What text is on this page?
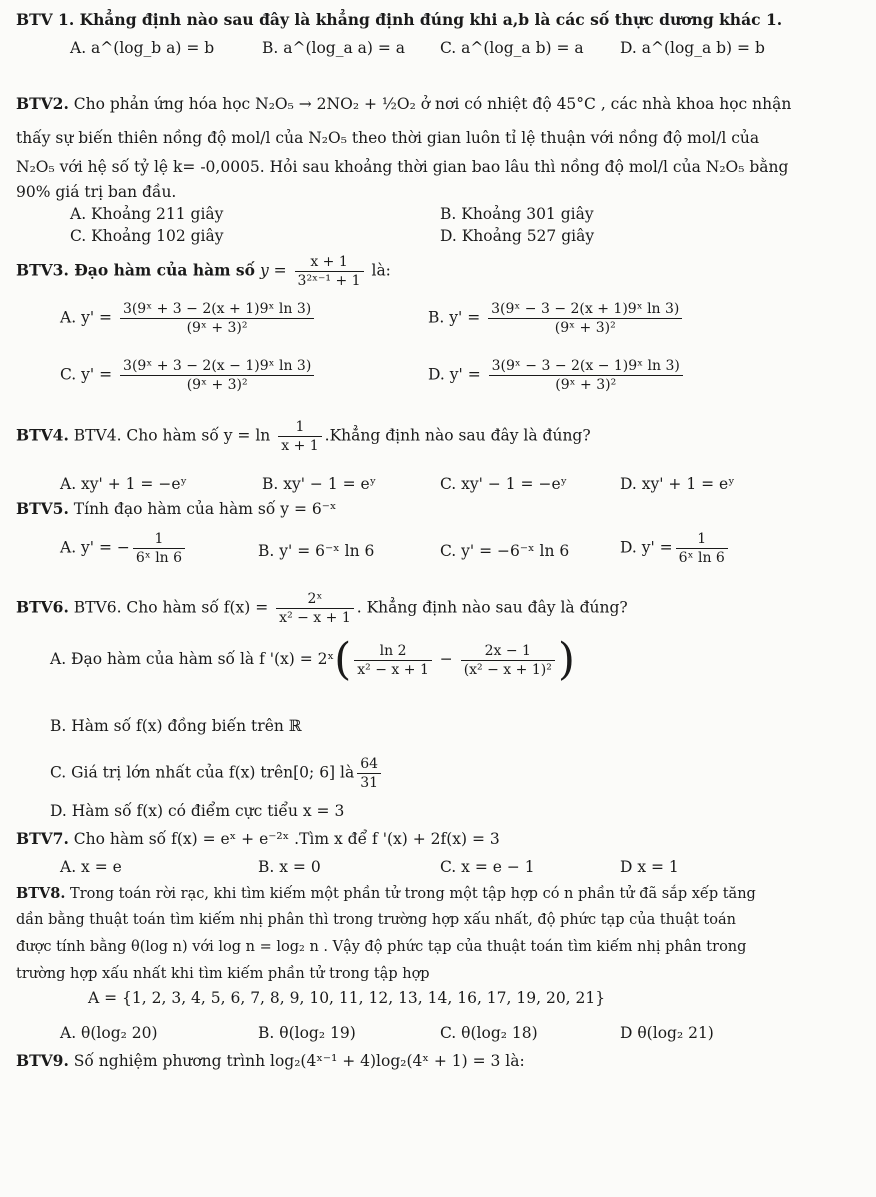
BTV 1. Khẳng định nào sau đây là khẳng định đúng khi a,b là các số thực dương khác 1.
A. a^(log_b a) = b	B. a^(log_a a) = a C. a^(log_a b) = a D. a^(log_a b) = b
BTV2. Cho phản ứng hóa học N₂O₅ → 2NO₂ + ½O₂ ở nơi có nhiệt độ 45°C , các nhà khoa học nhận
thấy sự biến thiên nồng độ mol/l của N₂O₅ theo thời gian luôn tỉ lệ thuận với nồng độ mol/l của
N₂O₅ với hệ số tỷ lệ k= -0,0005. Hỏi sau khoảng thời gian bao lâu thì nồng độ mol/l của N₂O₅ bằng
90% giá trị ban đầu.
A. Khoảng 211 giây	B. Khoảng 301 giây
C. Khoảng 102 giây	D. Khoảng 527 giây
BTV3. Đạo hàm của hàm số $y = \frac{x + 1}{\text{3²ˣ⁻¹ + 1}}$ là:
A. $y' = \frac{\text{3(9ˣ + 3 − 2(x + 1)9ˣ ln 3)}}{\text{(9ˣ + 3)²}}$	B. $y' = \frac{\text{3(9ˣ − 3 − 2(x + 1)9ˣ ln 3)}}{\text{(9ˣ + 3)²}}$
C. $y' = \frac{\text{3(9ˣ + 3 − 2(x − 1)9ˣ ln 3)}}{\text{(9ˣ + 3)²}}$	D. $y' = \frac{\text{3(9ˣ − 3 − 2(x − 1)9ˣ ln 3)}}{\text{(9ˣ + 3)²}}$
BTV4. BTV4. Cho hàm số $y = \ln \frac{1}{x + 1}$ .Khẳng định nào sau đây là đúng?
A. xy' + 1 = −eʸ	B. xy' − 1 = eʸ	C. xy' − 1 = −eʸ	D. xy' + 1 = eʸ
BTV5. Tính đạo hàm của hàm số y = 6⁻ˣ
A. y' = − $\frac{1}{\text{6ˣ ln 6}}$	B. y' = 6⁻ˣ ln 6	C. y' = −6⁻ˣ ln 6	D. $y' = \frac{1}{\text{6ˣ ln 6}}$
BTV6. BTV6. Cho hàm số $f(x) = \frac{\text{2ˣ}}{\text{x² − x + 1}}$ . Khẳng định nào sau đây là đúng?
A. Đạo hàm của hàm số là f '(x) = 2ˣ( $\frac{\ln 2}{\text{x² − x + 1}} - \frac{2x - 1}{\text{(x² − x + 1)²}}$ )
B. Hàm số f(x) đồng biến trên ℝ
C. Giá trị lớn nhất của f(x) trên[0; 6] là $\frac{64}{31}$
D. Hàm số f(x) có điểm cực tiểu x = 3
BTV7. Cho hàm số f(x) = eˣ + e⁻²ˣ .Tìm x để f '(x) + 2f(x) = 3
A. x = e	B. x = 0	C. x = e − 1	D x = 1
BTV8. Trong toán rời rạc, khi tìm kiếm một phần tử trong một tập hợp có n phần tử đã sắp xếp tăng
dần bằng thuật toán tìm kiếm nhị phân thì trong trường hợp xấu nhất, độ phức tạp của thuật toán
được tính bằng θ(log n) với log n = log₂ n . Vậy độ phức tạp của thuật toán tìm kiếm nhị phân trong
trường hợp xấu nhất khi tìm kiếm phần tử trong tập hợp
A = {1, 2, 3, 4, 5, 6, 7, 8, 9, 10, 11, 12, 13, 14, 16, 17, 19, 20, 21}
A. θ(log₂ 20)	B. θ(log₂ 19)	C. θ(log₂ 18)	D θ(log₂ 21)
BTV9. Số nghiệm phương trình log₂(4ˣ⁻¹ + 4)log₂(4ˣ + 1) = 3 là:
